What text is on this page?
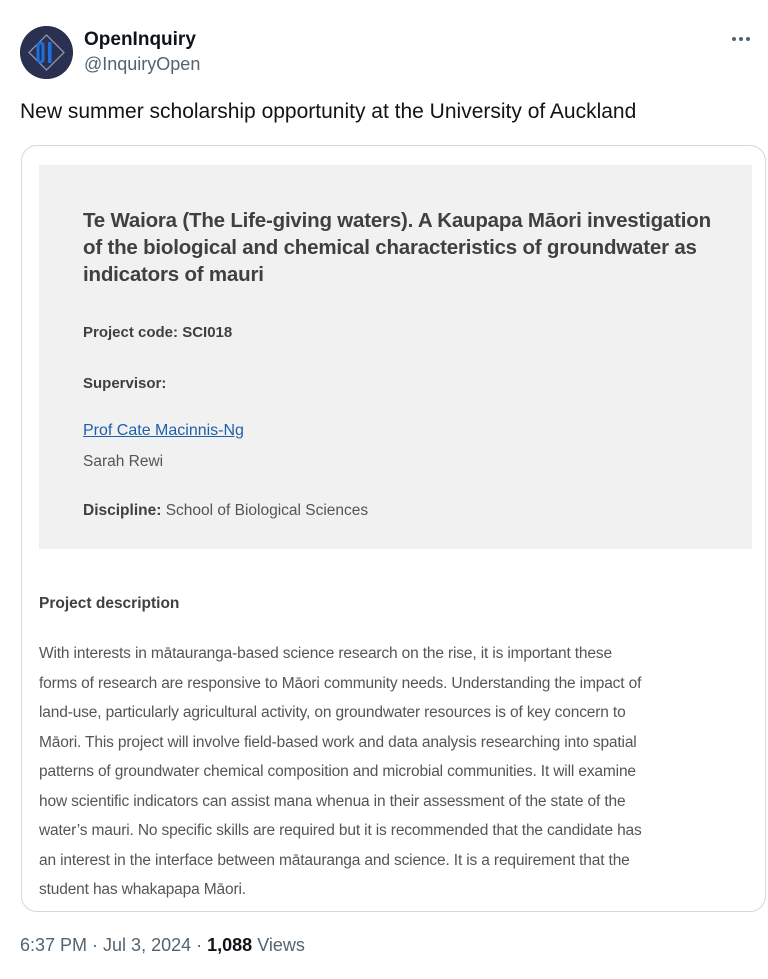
OpenInquiry
@InquiryOpen
New summer scholarship opportunity at the University of Auckland
Te Waiora (The Life-giving waters). A Kaupapa Māori investigation of the biological and chemical characteristics of groundwater as indicators of mauri
Project code: SCI018
Supervisor:
Prof Cate Macinnis-Ng
Sarah Rewi
Discipline: School of Biological Sciences
Project description
With interests in mātauranga-based science research on the rise, it is important these
forms of research are responsive to Māori community needs. Understanding the impact of
land-use, particularly agricultural activity, on groundwater resources is of key concern to
Māori. This project will involve field-based work and data analysis researching into spatial
patterns of groundwater chemical composition and microbial communities. It will examine
how scientific indicators can assist mana whenua in their assessment of the state of the
water’s mauri. No specific skills are required but it is recommended that the candidate has
an interest in the interface between mātauranga and science. It is a requirement that the
student has whakapapa Māori.
6:37 PM · Jul 3, 2024 · 1,088 Views
